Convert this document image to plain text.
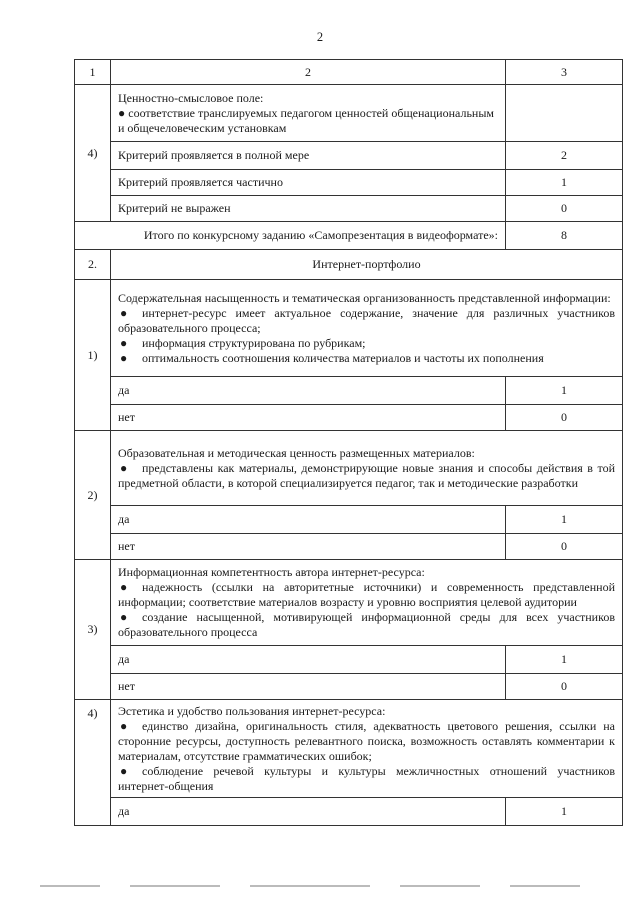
2
1	2	3
4)	Ценностно-смысловое поле:
● соответствие транслируемых педагогом ценностей общенациональным и общечеловеческим установкам	

	Критерий проявляется в полной мере	2
	Критерий проявляется частично	1
	Критерий не выражен	0
Итого по конкурсному заданию «Самопрезентация в видеоформате»:		8
2.	Интернет-портфолио	
1)	Содержательная насыщенность и тематическая организованность представленной информации:
● интернет-ресурс имеет актуальное содержание, значение для различных участников образовательного процесса;
● информация структурирована по рубрикам;
● оптимальность соотношения количества материалов и частоты их пополнения	

	да	1
	нет	0
2)	Образовательная и методическая ценность размещенных материалов:
● представлены как материалы, демонстрирующие новые знания и способы действия в той предметной области, в которой специализируется педагог, так и методические разработки	

	да	1
	нет	0
3)	Информационная компетентность автора интернет-ресурса:
● надежность (ссылки на авторитетные источники) и современность представленной информации; соответствие материалов возрасту и уровню восприятия целевой аудитории
● создание насыщенной, мотивирующей информационной среды для всех участников образовательного процесса	

	да	1
	нет	0
4)	Эстетика и удобство пользования интернет-ресурса:
● единство дизайна, оригинальность стиля, адекватность цветового решения, ссылки на сторонние ресурсы, доступность релевантного поиска, возможность оставлять комментарии к материалам, отсутствие грамматических ошибок;
● соблюдение речевой культуры и культуры межличностных отношений участников интернет-общения	

	да	1
